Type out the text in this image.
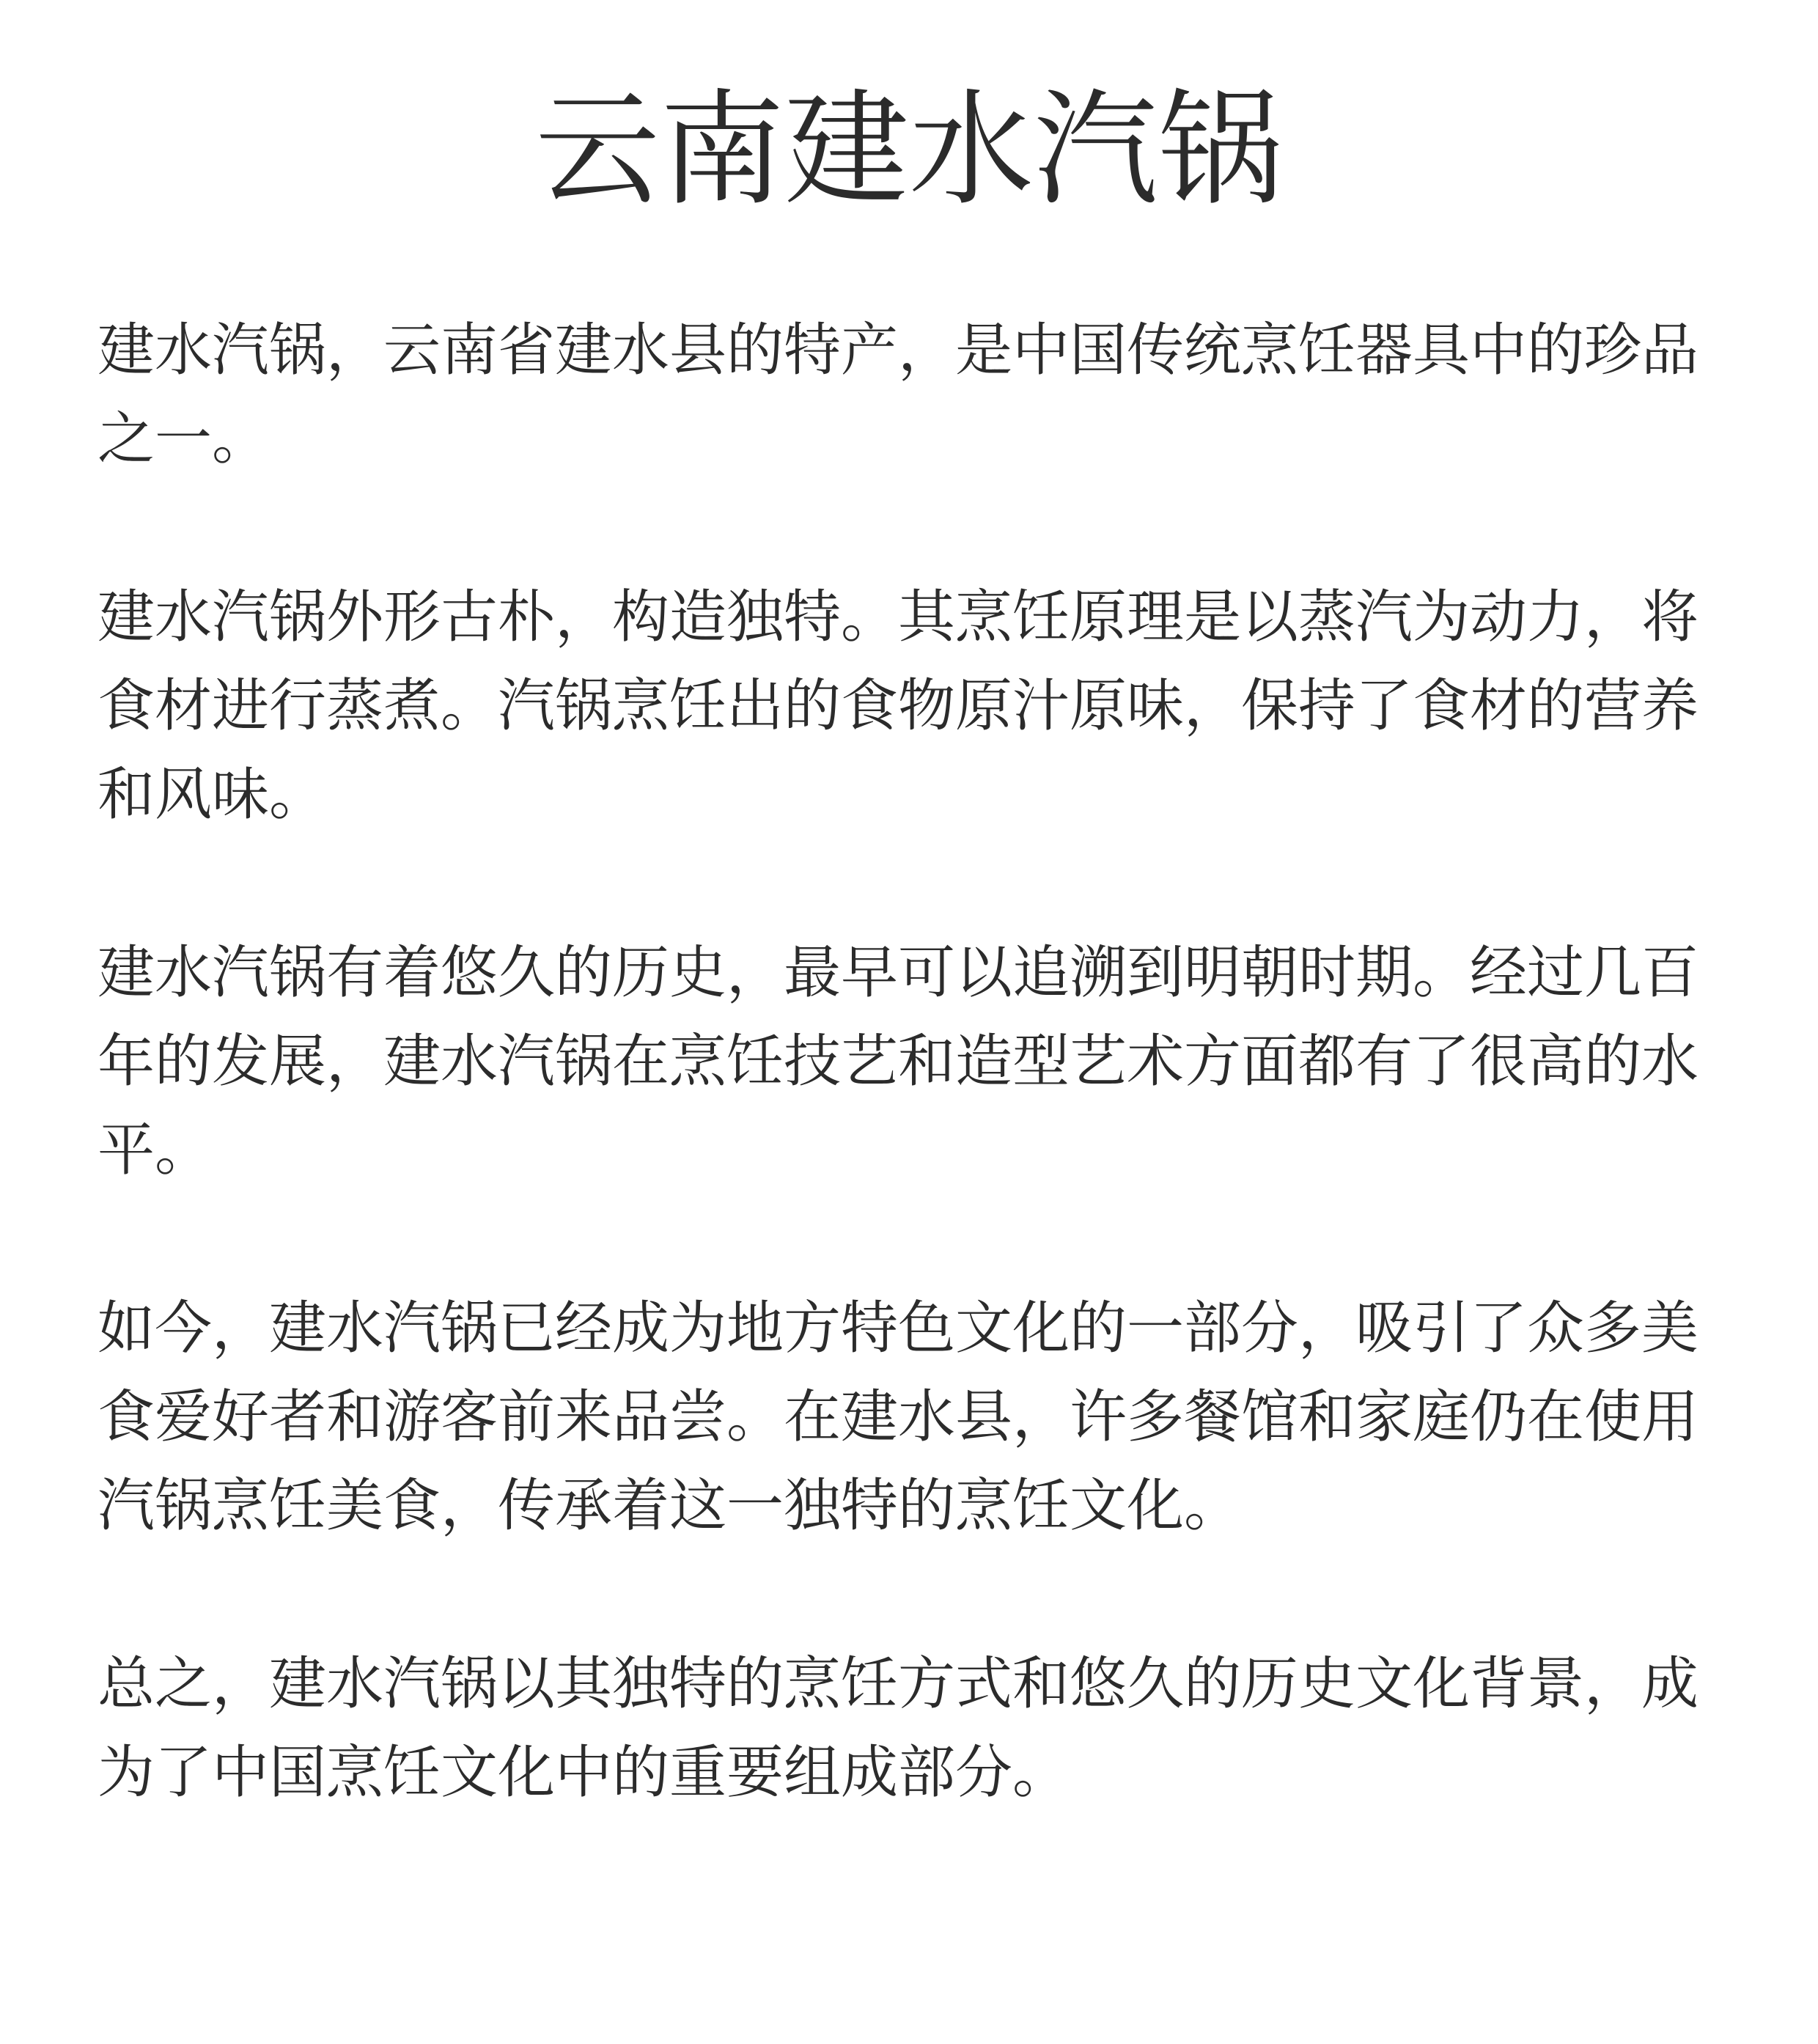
云南建水汽锅

建水汽锅，云南省建水县的特产，是中国传统烹饪器具中的珍品之一。

建水汽锅外形古朴，构造独特。其烹饪原理是以蒸汽为动力，将食材进行蒸煮。汽锅烹饪出的食物原汁原味，保持了食材的营养和风味。

建水汽锅有着悠久的历史，最早可以追溯到明朝时期。经过几百年的发展，建水汽锅在烹饪技艺和造型艺术方面都有了很高的水平。

如今，建水汽锅已经成为地方特色文化的一部分，吸引了众多美食爱好者和游客前来品尝。在建水县，许多餐馆和家庭仍在使用汽锅烹饪美食，传承着这一独特的烹饪文化。

总之，建水汽锅以其独特的烹饪方式和悠久的历史文化背景，成为了中国烹饪文化中的重要组成部分。
